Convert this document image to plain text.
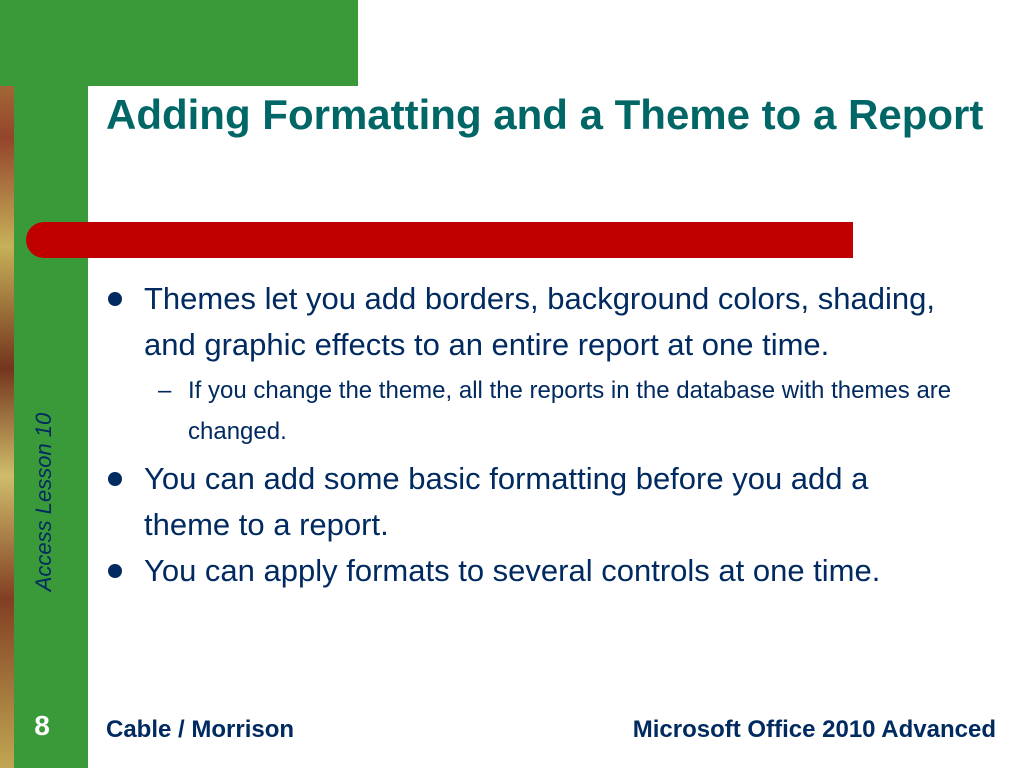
Adding Formatting and a Theme to a Report
Themes let you add borders, background colors, shading, and graphic effects to an entire report at one time.
– If you change the theme, all the reports in the database with themes are changed.
You can add some basic formatting before you add a theme to a report.
You can apply formats to several controls at one time.
Access Lesson 10
8	Cable / Morrison	Microsoft Office 2010 Advanced
